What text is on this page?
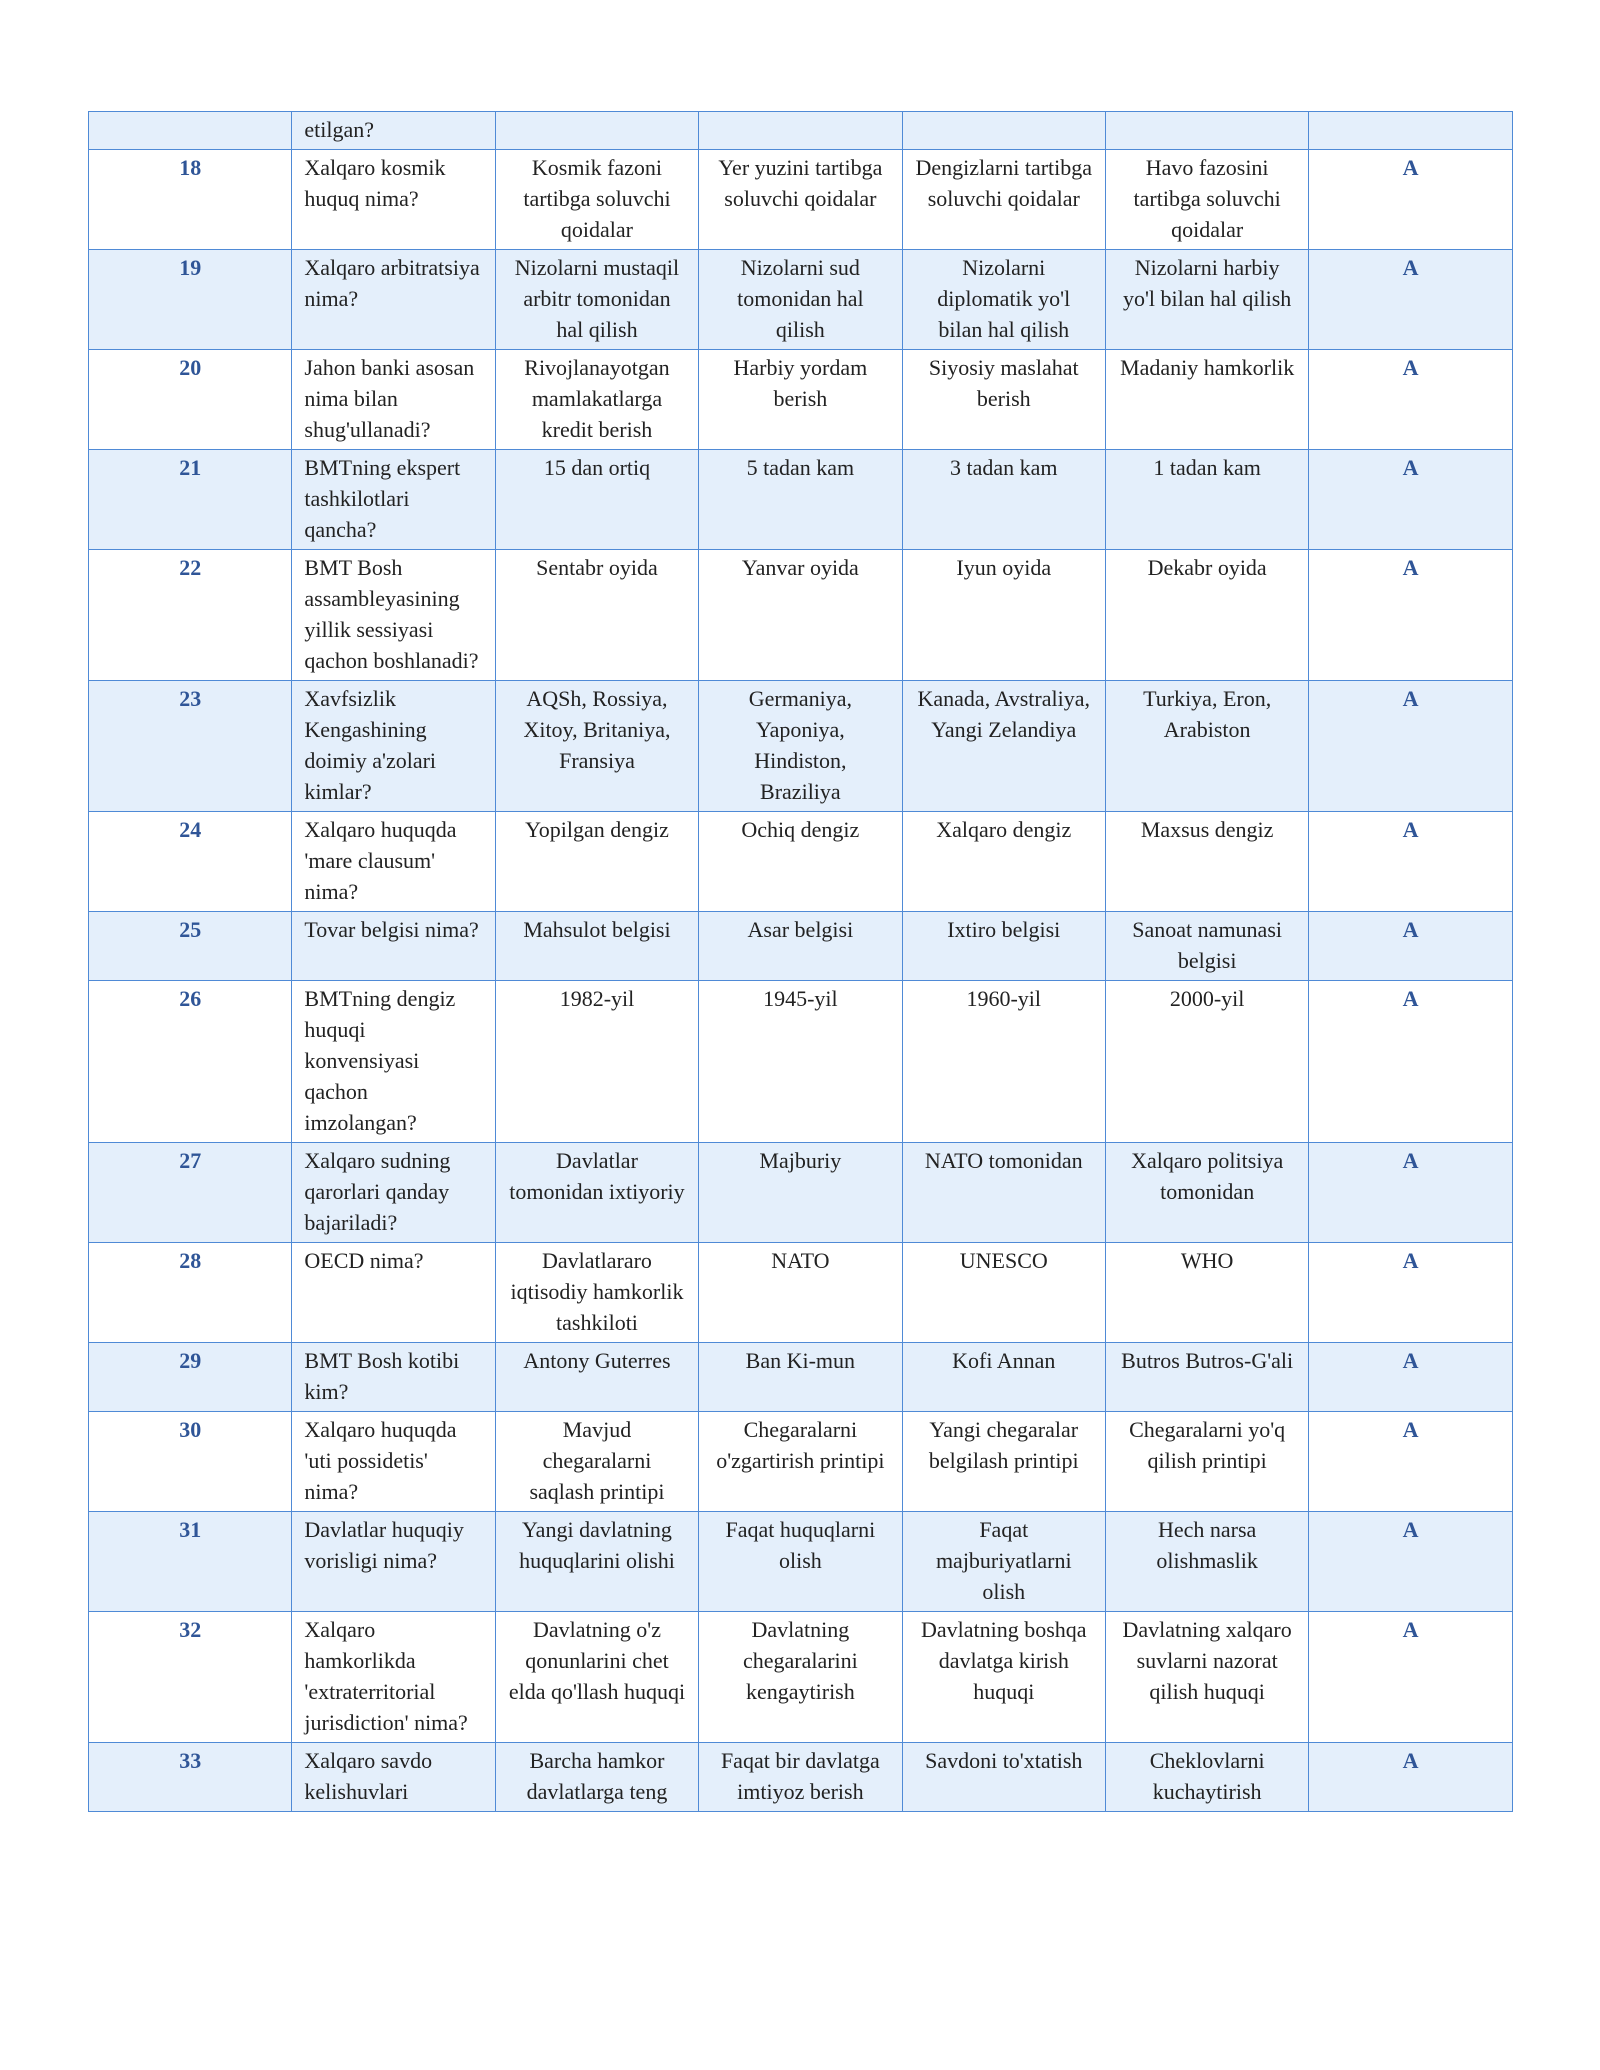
	etilgan?					
18	Xalqaro kosmik huquq nima?	Kosmik fazoni tartibga soluvchi qoidalar	Yer yuzini tartibga soluvchi qoidalar	Dengizlarni tartibga soluvchi qoidalar	Havo fazosini tartibga soluvchi qoidalar	A
19	Xalqaro arbitratsiya nima?	Nizolarni mustaqil arbitr tomonidan hal qilish	Nizolarni sud tomonidan hal qilish	Nizolarni diplomatik yo'l bilan hal qilish	Nizolarni harbiy yo'l bilan hal qilish	A
20	Jahon banki asosan nima bilan shug'ullanadi?	Rivojlanayotgan mamlakatlarga kredit berish	Harbiy yordam berish	Siyosiy maslahat berish	Madaniy hamkorlik	A
21	BMTning ekspert tashkilotlari qancha?	15 dan ortiq	5 tadan kam	3 tadan kam	1 tadan kam	A
22	BMT Bosh assambleyasining yillik sessiyasi qachon boshlanadi?	Sentabr oyida	Yanvar oyida	Iyun oyida	Dekabr oyida	A
23	Xavfsizlik Kengashining doimiy a'zolari kimlar?	AQSh, Rossiya, Xitoy, Britaniya, Fransiya	Germaniya, Yaponiya, Hindiston, Braziliya	Kanada, Avstraliya, Yangi Zelandiya	Turkiya, Eron, Arabiston	A
24	Xalqaro huquqda 'mare clausum' nima?	Yopilgan dengiz	Ochiq dengiz	Xalqaro dengiz	Maxsus dengiz	A
25	Tovar belgisi nima?	Mahsulot belgisi	Asar belgisi	Ixtiro belgisi	Sanoat namunasi belgisi	A
26	BMTning dengiz huquqi konvensiyasi qachon imzolangan?	1982-yil	1945-yil	1960-yil	2000-yil	A
27	Xalqaro sudning qarorlari qanday bajariladi?	Davlatlar tomonidan ixtiyoriy	Majburiy	NATO tomonidan	Xalqaro politsiya tomonidan	A
28	OECD nima?	Davlatlararo iqtisodiy hamkorlik tashkiloti	NATO	UNESCO	WHO	A
29	BMT Bosh kotibi kim?	Antony Guterres	Ban Ki-mun	Kofi Annan	Butros Butros-G'ali	A
30	Xalqaro huquqda 'uti possidetis' nima?	Mavjud chegaralarni saqlash printipi	Chegaralarni o'zgartirish printipi	Yangi chegaralar belgilash printipi	Chegaralarni yo'q qilish printipi	A
31	Davlatlar huquqiy vorisligi nima?	Yangi davlatning huquqlarini olishi	Faqat huquqlarni olish	Faqat majburiyatlarni olish	Hech narsa olishmaslik	A
32	Xalqaro hamkorlikda 'extraterritorial jurisdiction' nima?	Davlatning o'z qonunlarini chet elda qo'llash huquqi	Davlatning chegaralarini kengaytirish	Davlatning boshqa davlatga kirish huquqi	Davlatning xalqaro suvlarni nazorat qilish huquqi	A
33	Xalqaro savdo kelishuvlari	Barcha hamkor davlatlarga teng	Faqat bir davlatga imtiyoz berish	Savdoni to'xtatish	Cheklovlarni kuchaytirish	A
